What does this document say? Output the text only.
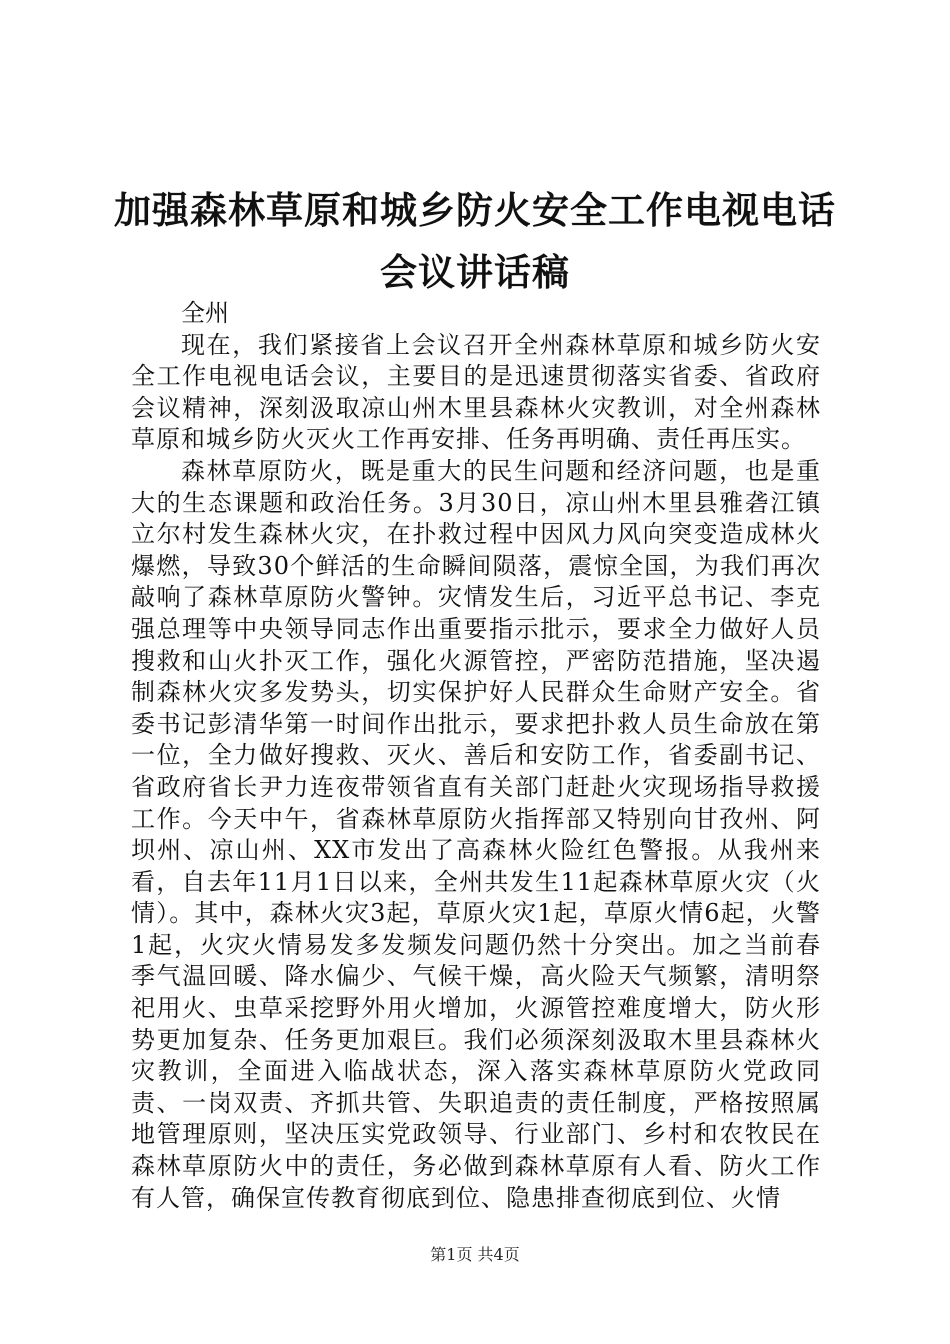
加强森林草原和城乡防火安全工作电视电话会议讲话稿

全州

现在，我们紧接省上会议召开全州森林草原和城乡防火安全工作电视电话会议，主要目的是迅速贯彻落实省委、省政府会议精神，深刻汲取凉山州木里县森林火灾教训，对全州森林草原和城乡防火灭火工作再安排、任务再明确、责任再压实。

森林草原防火，既是重大的民生问题和经济问题，也是重大的生态课题和政治任务。3月30日，凉山州木里县雅砻江镇立尔村发生森林火灾，在扑救过程中因风力风向突变造成林火爆燃，导致30个鲜活的生命瞬间陨落，震惊全国，为我们再次敲响了森林草原防火警钟。灾情发生后，习近平总书记、李克强总理等中央领导同志作出重要指示批示，要求全力做好人员搜救和山火扑灭工作，强化火源管控，严密防范措施，坚决遏制森林火灾多发势头，切实保护好人民群众生命财产安全。省委书记彭清华第一时间作出批示，要求把扑救人员生命放在第一位，全力做好搜救、灭火、善后和安防工作，省委副书记、省政府省长尹力连夜带领省直有关部门赶赴火灾现场指导救援工作。今天中午，省森林草原防火指挥部又特别向甘孜州、阿坝州、凉山州、XX市发出了高森林火险红色警报。从我州来看，自去年11月1日以来，全州共发生11起森林草原火灾（火情）。其中，森林火灾3起，草原火灾1起，草原火情6起，火警1起，火灾火情易发多发频发问题仍然十分突出。加之当前春季气温回暖、降水偏少、气候干燥，高火险天气频繁，清明祭祀用火、虫草采挖野外用火增加，火源管控难度增大，防火形势更加复杂、任务更加艰巨。我们必须深刻汲取木里县森林火灾教训，全面进入临战状态，深入落实森林草原防火党政同责、一岗双责、齐抓共管、失职追责的责任制度，严格按照属地管理原则，坚决压实党政领导、行业部门、乡村和农牧民在森林草原防火中的责任，务必做到森林草原有人看、防火工作有人管，确保宣传教育彻底到位、隐患排查彻底到位、火情

第1页 共4页
